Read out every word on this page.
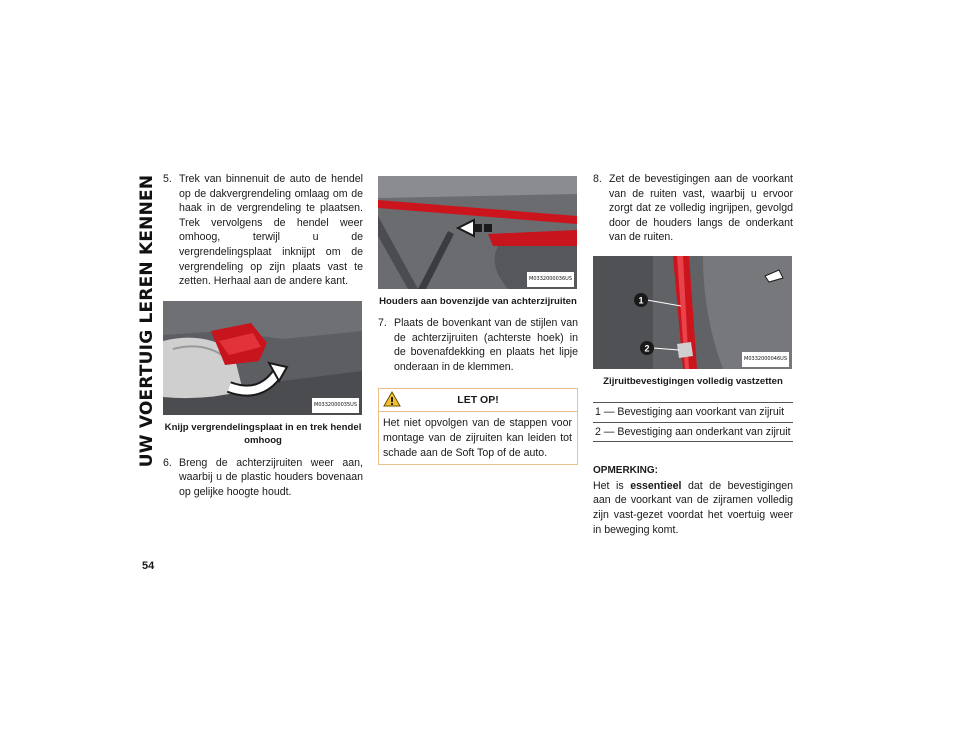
UW VOERTUIG LEREN KENNEN
54
5. Trek van binnenuit de auto de hendel op de dakvergrendeling omlaag om de haak in de vergrendeling te plaatsen. Trek vervolgens de hendel weer omhoog, terwijl u de vergrendelingsplaat inknijpt om de vergrendeling op zijn plaats vast te zetten. Herhaal aan de andere kant.
M0332000035US
Knijp vergrendelingsplaat in en trek hendel omhoog
6. Breng de achterzijruiten weer aan, waarbij u de plastic houders bovenaan op gelijke hoogte houdt.
M0332000036US
Houders aan bovenzijde van achterzijruiten
7. Plaats de bovenkant van de stijlen van de achterzijruiten (achterste hoek) in de bovenafdekking en plaats het lipje onderaan in de klemmen.
LET OP!
Het niet opvolgen van de stappen voor montage van de zijruiten kan leiden tot schade aan de Soft Top of de auto.
8. Zet de bevestigingen aan de voorkant van de ruiten vast, waarbij u ervoor zorgt dat ze volledig ingrijpen, gevolgd door de houders langs de onderkant van de ruiten.
1
2
M0332000046US
Zijruitbevestigingen volledig vastzetten
1 — Bevestiging aan voorkant van zijruit
2 — Bevestiging aan onderkant van zijruit
OPMERKING:
Het is essentieel dat de bevestigingen aan de voorkant van de zijramen volledig zijn vast-gezet voordat het voertuig weer in beweging komt.
